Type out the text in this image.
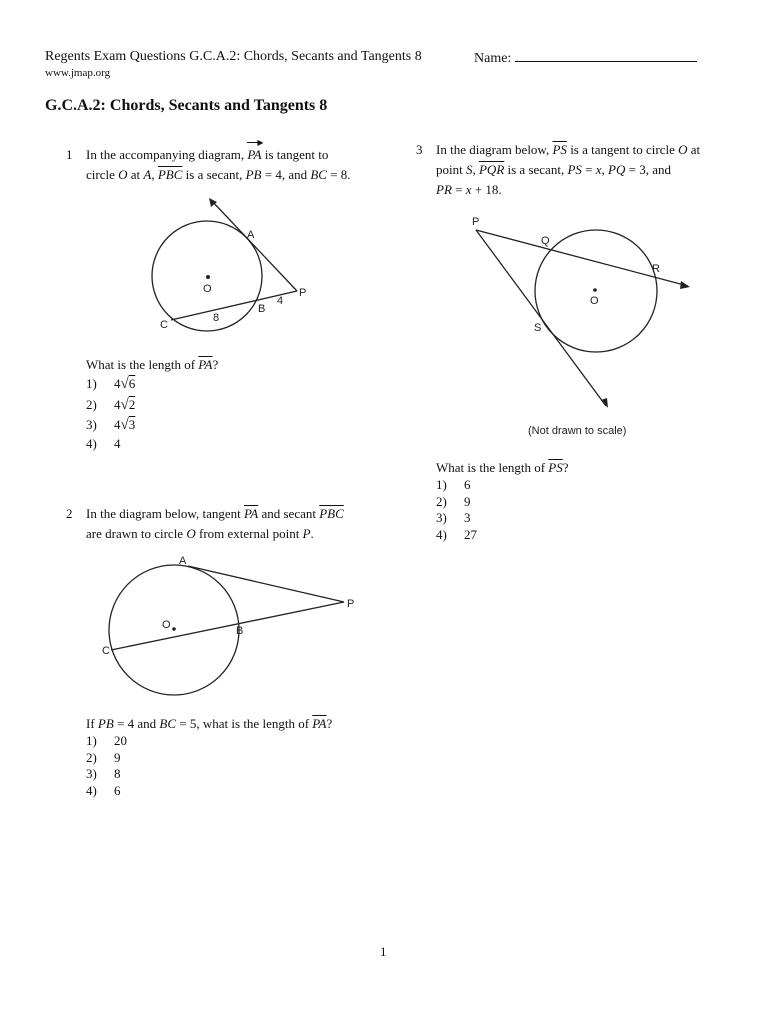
Regents Exam Questions G.C.A.2: Chords, Secants and Tangents 8	Name:
www.jmap.org
G.C.A.2: Chords, Secants and Tangents 8
1 In the accompanying diagram, PA
▶
is tangent to
circle O at A, $\overline{PBC}$ is a secant, PB = 4, and BC = 8.
A
O	P
B
C
4
8
What is the length of $\overline{PA}$?
1) 4√6
2) 4√2
3) 4√3
4) 4
2 In the diagram below, tangent $\overline{PA}$ and secant $\overline{PBC}$
are drawn to circle O from external point P.
A
O
P
B
C
If PB = 4 and BC = 5, what is the length of $\overline{PA}$?
1) 20
2) 9
3) 8
4) 6
3 In the diagram below, $\overline{PS}$ is a tangent to circle O at
point S, $\overline{PQR}$ is a secant, PS = x, PQ = 3, and
PR = x + 18.
P
Q
R
O
S
(Not drawn to scale)
What is the length of $\overline{PS}$?
1) 6
2) 9
3) 3
4) 27
1
